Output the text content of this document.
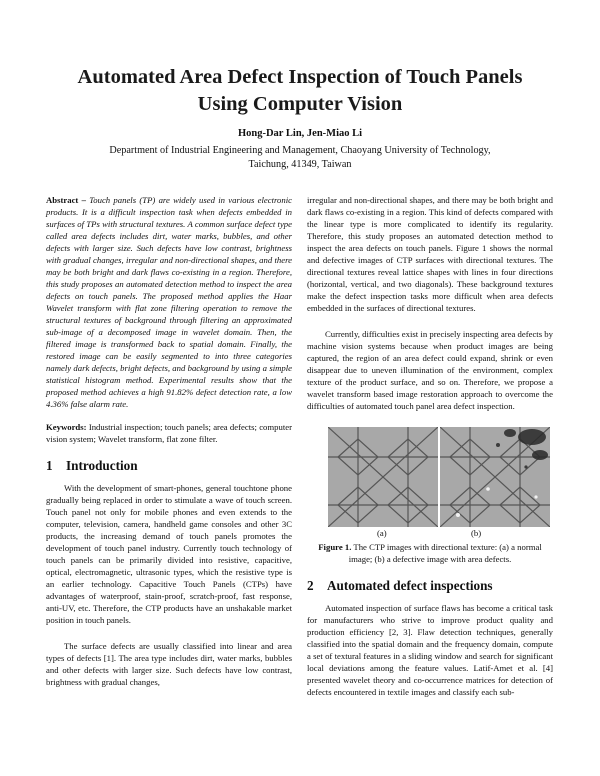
Automated Area Defect Inspection of Touch Panels
Using Computer Vision
Hong-Dar Lin, Jen-Miao Li
Department of Industrial Engineering and Management, Chaoyang University of Technology,
Taichung, 41349, Taiwan

Abstract – Touch panels (TP) are widely used in various electronic products. It is a difficult inspection task when defects embedded in surfaces of TPs with structural textures. A common surface defect type called area defects includes dirt, water marks, bubbles, and other defects with larger size. Such defects have low contrast, brightness with gradual changes, irregular and non-directional shapes, and there may be both bright and dark flaws co-existing in a region. Therefore, this study proposes an automated detection method to inspect the area defects on touch panels. The proposed method applies the Haar Wavelet transform with flat zone filtering operation to remove the structural textures of background through filtering an approximated sub-image of a decomposed image in wavelet domain. Then, the filtered image is transformed back to spatial domain. Finally, the restored image can be easily segmented to into three categories namely dark defects, bright defects, and background by using a simple statistical histogram method. Experimental results show that the proposed method achieves a high 91.82% defect detection rate, a low 4.36% false alarm rate.

Keywords: Industrial inspection; touch panels; area defects; computer vision system; Wavelet transform, flat zone filter.

1 Introduction

With the development of smart-phones, general touchtone phone gradually being replaced in order to stimulate a wave of touch screen. Touch panel not only for mobile phones and even extends to the computer, television, camera, handheld game consoles and other 3C products, the increasing demand of touch panels promotes the development of touch panel industry. Currently touch technology of touch panels can be primarily divided into resistive, capacitive, optical, electromagnetic, ultrasonic types, which the resistive type is an earlier technology. Capacitive Touch Panels (CTPs) have advantages of waterproof, stain-proof, scratch-proof, fast response, anti-UV, etc. Therefore, the CTP products have an unshakable market position in touch panels.

The surface defects are usually classified into linear and area types of defects [1]. The area type includes dirt, water marks, bubbles and other defects with larger size. Such defects have low contrast, brightness with gradual changes,

irregular and non-directional shapes, and there may be both bright and dark flaws co-existing in a region. This kind of defects compared with the linear type is more complicated to identify its regularity. Therefore, this study proposes an automated detection method to inspect the area defects on touch panels. Figure 1 shows the normal and defective images of CTP surfaces with directional textures. The directional textures reveal lattice shapes with lines in four directions (horizontal, vertical, and two diagonals). These background textures make the defect inspection tasks more difficult when area defects embedded in the surfaces of directional textures.

Currently, difficulties exist in precisely inspecting area defects by machine vision systems because when product images are being captured, the region of an area defect could expand, shrink or even disappear due to uneven illumination of the environment, complex texture of the product surface, and so on. Therefore, we propose a wavelet transform based image restoration approach to overcome the difficulties of automated touch panel area defect inspection.

(a)	(b)

Figure 1. The CTP images with directional texture: (a) a normal image; (b) a defective image with area defects.

2 Automated defect inspections

Automated inspection of surface flaws has become a critical task for manufacturers who strive to improve product quality and production efficiency [2, 3]. Flaw detection techniques, generally classified into the spatial domain and the frequency domain, compute a set of textural features in a sliding window and search for significant local deviations among the feature values. Latif-Amet et al. [4] presented wavelet theory and co-occurrence matrices for detection of defects encountered in textile images and classify each sub-
